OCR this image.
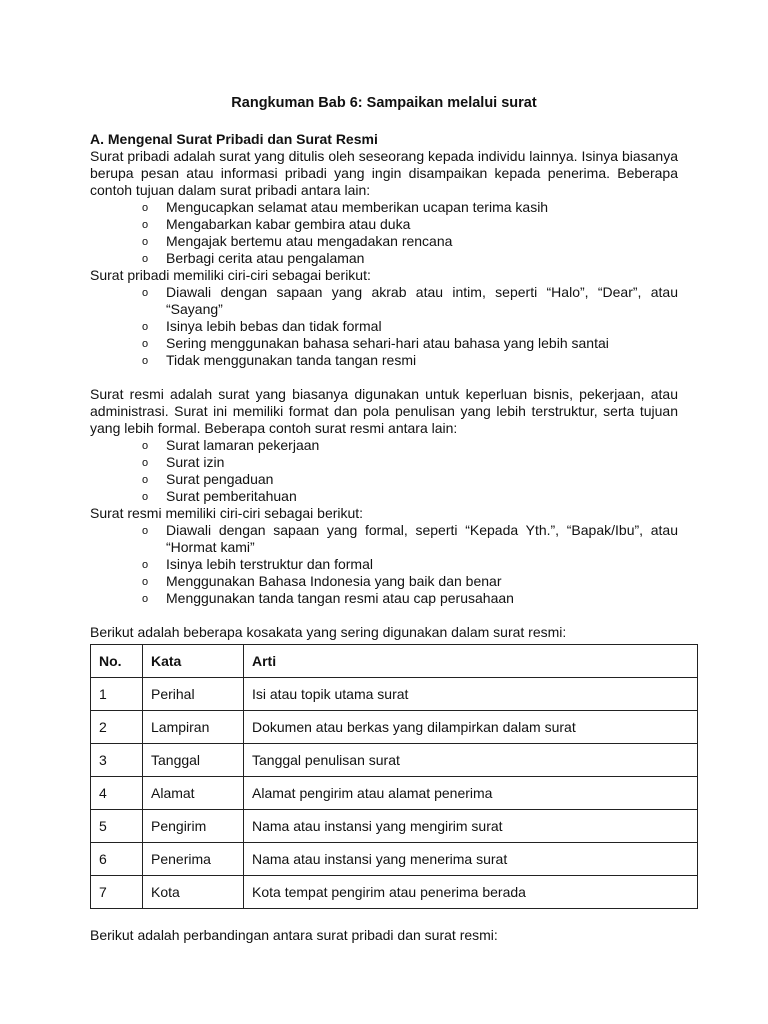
Rangkuman Bab 6: Sampaikan melalui surat
A. Mengenal Surat Pribadi dan Surat Resmi

Surat pribadi adalah surat yang ditulis oleh seseorang kepada individu lainnya. Isinya biasanya berupa pesan atau informasi pribadi yang ingin disampaikan kepada penerima. Beberapa contoh tujuan dalam surat pribadi antara lain:

o Mengucapkan selamat atau memberikan ucapan terima kasih
o Mengabarkan kabar gembira atau duka
o Mengajak bertemu atau mengadakan rencana
o Berbagi cerita atau pengalaman

Surat pribadi memiliki ciri-ciri sebagai berikut:

o Diawali dengan sapaan yang akrab atau intim, seperti “Halo”, “Dear”, atau “Sayang”
o Isinya lebih bebas dan tidak formal
o Sering menggunakan bahasa sehari-hari atau bahasa yang lebih santai
o Tidak menggunakan tanda tangan resmi

Surat resmi adalah surat yang biasanya digunakan untuk keperluan bisnis, pekerjaan, atau administrasi. Surat ini memiliki format dan pola penulisan yang lebih terstruktur, serta tujuan yang lebih formal. Beberapa contoh surat resmi antara lain:

o Surat lamaran pekerjaan
o Surat izin
o Surat pengaduan
o Surat pemberitahuan

Surat resmi memiliki ciri-ciri sebagai berikut:

o Diawali dengan sapaan yang formal, seperti “Kepada Yth.”, “Bapak/Ibu”, atau “Hormat kami”
o Isinya lebih terstruktur dan formal
o Menggunakan Bahasa Indonesia yang baik dan benar
o Menggunakan tanda tangan resmi atau cap perusahaan

Berikut adalah beberapa kosakata yang sering digunakan dalam surat resmi:

No.	Kata	Arti
1	Perihal	Isi atau topik utama surat
2	Lampiran	Dokumen atau berkas yang dilampirkan dalam surat
3	Tanggal	Tanggal penulisan surat
4	Alamat	Alamat pengirim atau alamat penerima
5	Pengirim	Nama atau instansi yang mengirim surat
6	Penerima	Nama atau instansi yang menerima surat
7	Kota	Kota tempat pengirim atau penerima berada

Berikut adalah perbandingan antara surat pribadi dan surat resmi:
